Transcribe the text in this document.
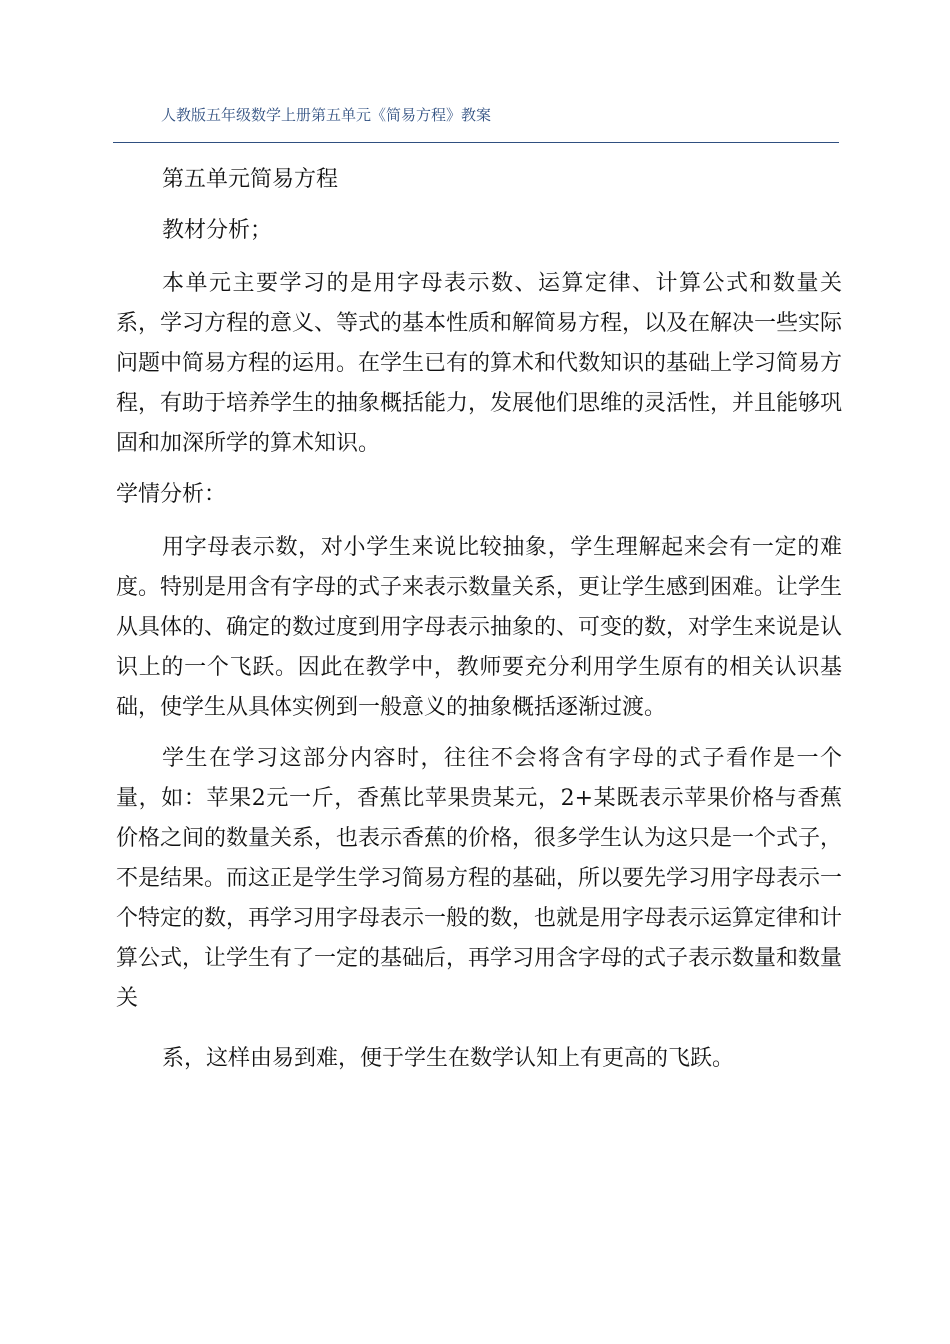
人教版五年级数学上册第五单元《简易方程》教案

第五单元简易方程

教材分析；

本单元主要学习的是用字母表示数、运算定律、计算公式和数量关系，学习方程的意义、等式的基本性质和解简易方程，以及在解决一些实际问题中简易方程的运用。在学生已有的算术和代数知识的基础上学习简易方程，有助于培养学生的抽象概括能力，发展他们思维的灵活性，并且能够巩固和加深所学的算术知识。

学情分析：

用字母表示数，对小学生来说比较抽象，学生理解起来会有一定的难度。特别是用含有字母的式子来表示数量关系，更让学生感到困难。让学生从具体的、确定的数过度到用字母表示抽象的、可变的数，对学生来说是认识上的一个飞跃。因此在教学中，教师要充分利用学生原有的相关认识基础，使学生从具体实例到一般意义的抽象概括逐渐过渡。

学生在学习这部分内容时，往往不会将含有字母的式子看作是一个量，如：苹果2元一斤，香蕉比苹果贵某元，2+某既表示苹果价格与香蕉价格之间的数量关系，也表示香蕉的价格，很多学生认为这只是一个式子，不是结果。而这正是学生学习简易方程的基础，所以要先学习用字母表示一个特定的数，再学习用字母表示一般的数，也就是用字母表示运算定律和计算公式，让学生有了一定的基础后，再学习用含字母的式子表示数量和数量关

系，这样由易到难，便于学生在数学认知上有更高的飞跃。
